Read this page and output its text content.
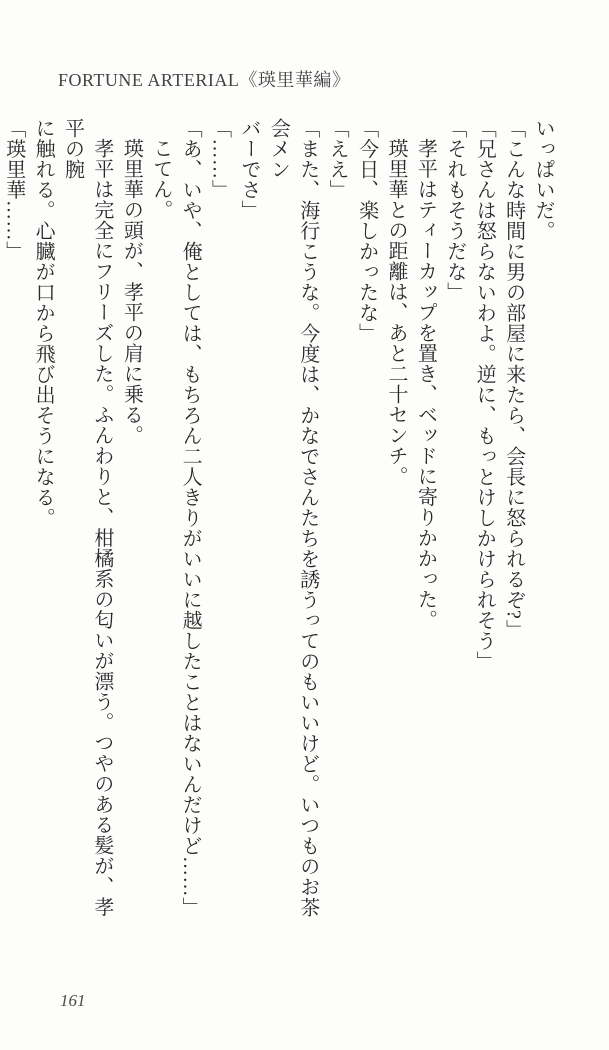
FORTUNE ARTERIAL《瑛里華編》

いっぱいだ。

「こんな時間に男の部屋に来たら、会長に怒られるぞ?」

「兄さんは怒らないわよ。逆に、もっとけしかけられそう」

「それもそうだな」

孝平はティーカップを置き、ベッドに寄りかかった。

瑛里華との距離は、あと二十センチ。

「今日、楽しかったな」

「ええ」

「また、海行こうな。今度は、かなでさんたちを誘うってのもいいけど。いつものお茶会メン

バーでさ」

「……」

「あ、いや、俺としては、もちろん二人きりがいいに越したことはないんだけど……」

こてん。

瑛里華の頭が、孝平の肩に乗る。

孝平は完全にフリーズした。ふんわりと、柑橘系の匂いが漂う。つやのある髪が、孝平の腕

に触れる。心臓が口から飛び出そうになる。

「瑛里華……」

161
